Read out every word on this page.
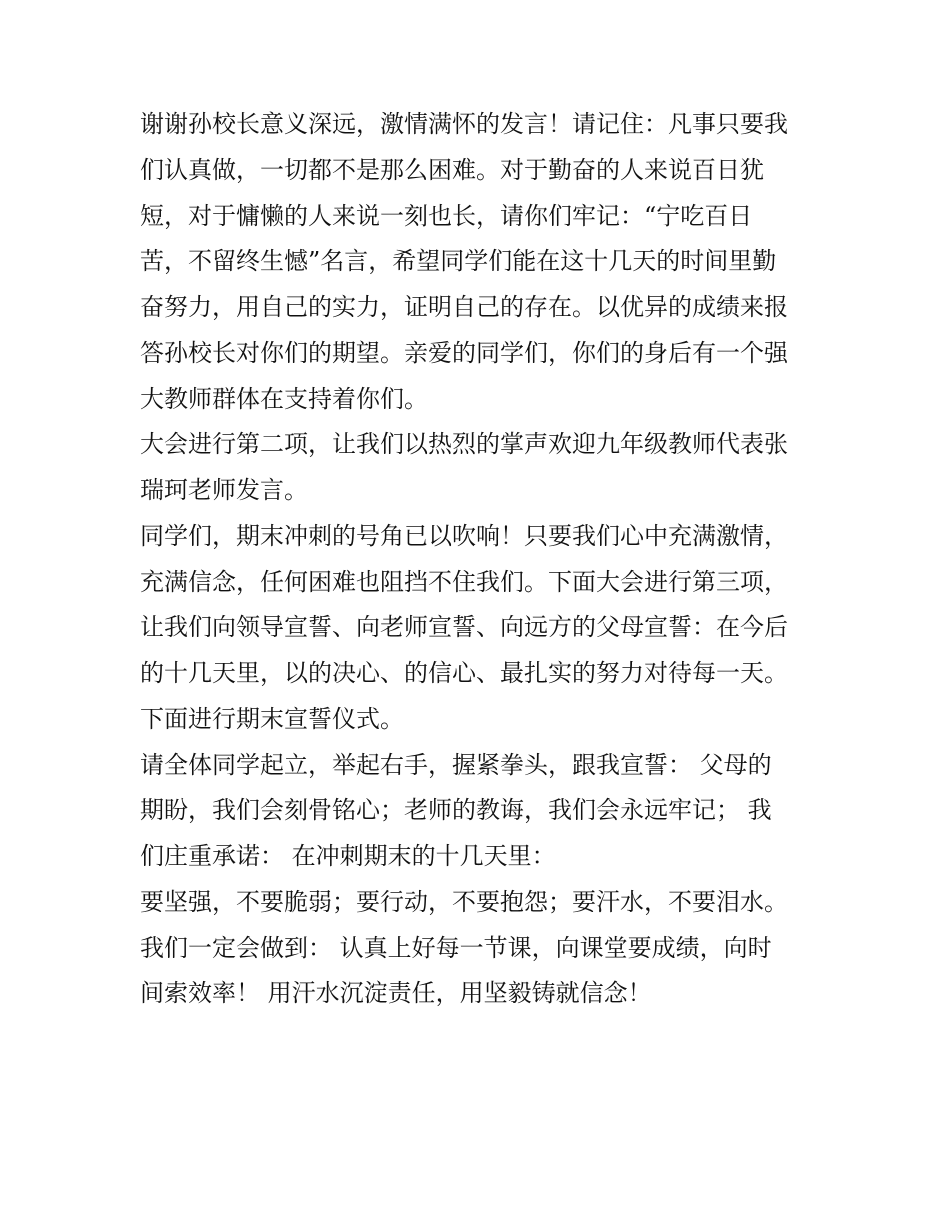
谢谢孙校长意义深远，激情满怀的发言！请记住：凡事只要我
们认真做，一切都不是那么困难。对于勤奋的人来说百日犹
短，对于慵懒的人来说一刻也长，请你们牢记：“宁吃百日
苦，不留终生憾”名言，希望同学们能在这十几天的时间里勤
奋努力，用自己的实力，证明自己的存在。以优异的成绩来报
答孙校长对你们的期望。亲爱的同学们，你们的身后有一个强
大教师群体在支持着你们。
大会进行第二项，让我们以热烈的掌声欢迎九年级教师代表张
瑞珂老师发言。
同学们，期末冲刺的号角已以吹响！只要我们心中充满激情，
充满信念，任何困难也阻挡不住我们。下面大会进行第三项，
让我们向领导宣誓、向老师宣誓、向远方的父母宣誓：在今后
的十几天里，以的决心、的信心、最扎实的努力对待每一天。
下面进行期末宣誓仪式。
请全体同学起立，举起右手，握紧拳头，跟我宣誓： 父母的
期盼，我们会刻骨铭心；老师的教诲，我们会永远牢记； 我
们庄重承诺： 在冲刺期末的十几天里：
要坚强，不要脆弱；要行动，不要抱怨；要汗水，不要泪水。
我们一定会做到： 认真上好每一节课，向课堂要成绩，向时
间索效率！ 用汗水沉淀责任，用坚毅铸就信念！
